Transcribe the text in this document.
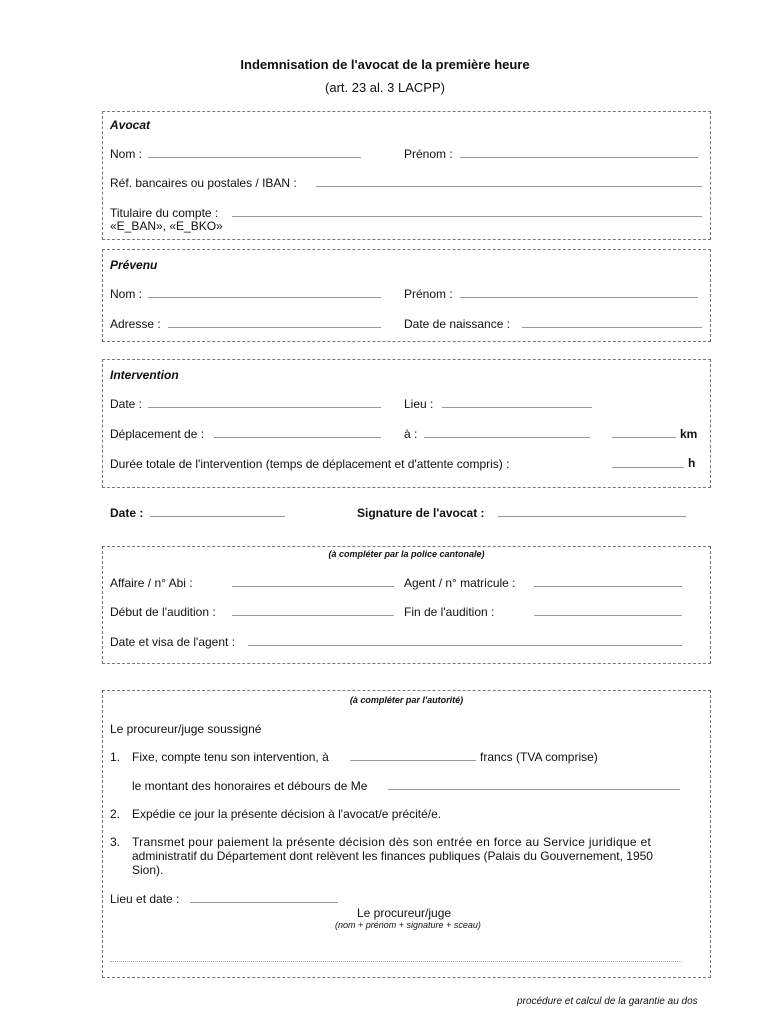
Indemnisation de l'avocat de la première heure
(art. 23 al. 3 LACPP)
Avocat
Nom :	Prénom :
Réf. bancaires ou postales / IBAN :
Titulaire du compte :
«E_BAN», «E_BKO»
Prévenu
Nom :	Prénom :
Adresse :	Date de naissance :
Intervention
Date :	Lieu :
Déplacement de :	à :	km
Durée totale de l'intervention (temps de déplacement et d'attente compris) :	h
Date :	Signature de l'avocat :
(à compléter par la police cantonale)
Affaire / n° Abi :	Agent / n° matricule :
Début de l'audition :	Fin de l'audition :
Date et visa de l'agent :
(à compléter par l'autorité)
Le procureur/juge soussigné
1. Fixe, compte tenu son intervention, à	francs (TVA comprise)
le montant des honoraires et débours de Me
2. Expédie ce jour la présente décision à l'avocat/e précité/e.
3. Transmet pour paiement la présente décision dès son entrée en force au Service juridique et
administratif du Département dont relèvent les finances publiques (Palais du Gouvernement, 1950
Sion).
Lieu et date :
Le procureur/juge
(nom + prénom + signature + sceau)
procédure et calcul de la garantie au dos
